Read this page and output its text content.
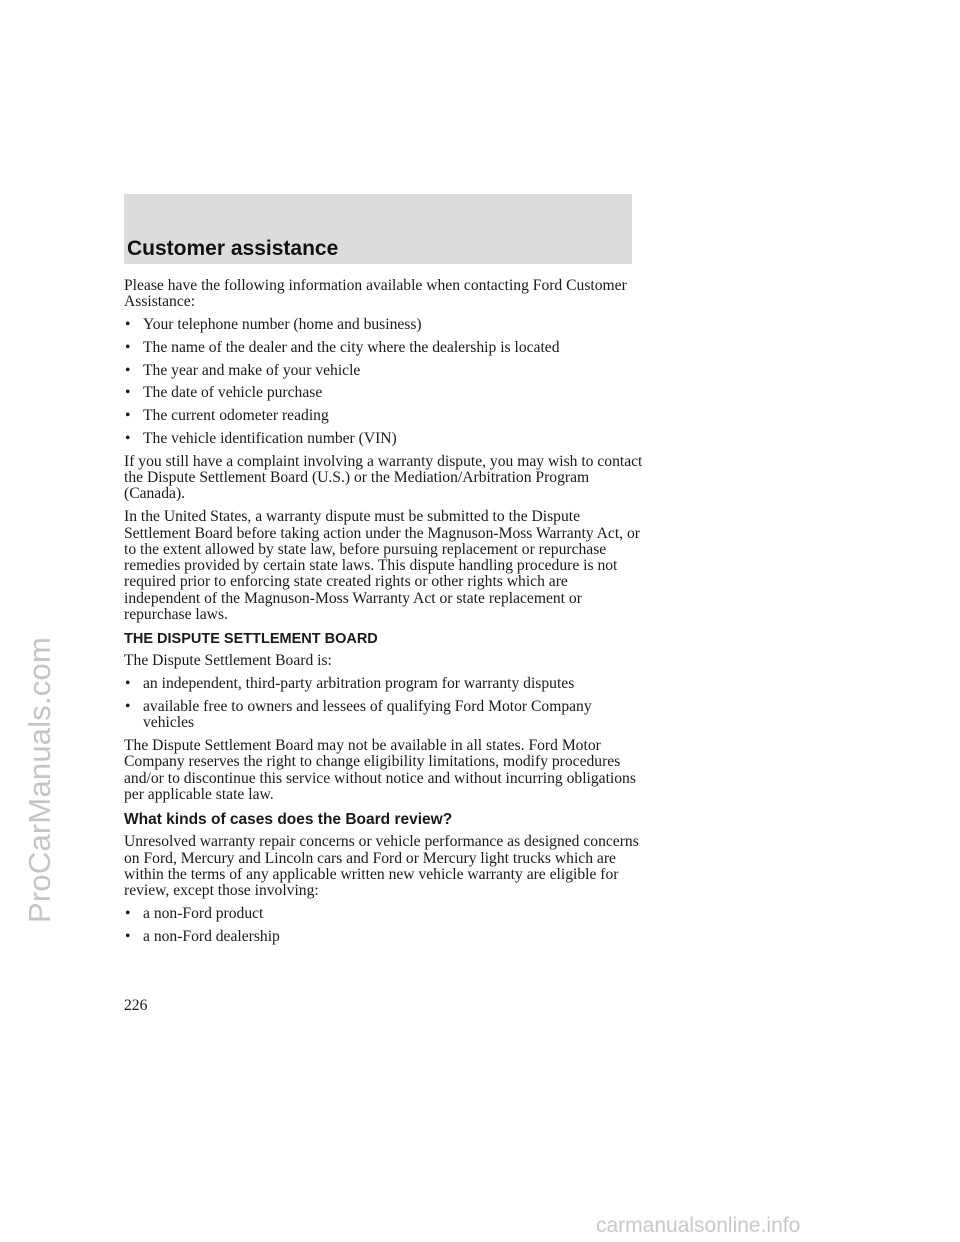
ProCarManuals.com
Customer assistance

Please have the following information available when contacting Ford Customer Assistance:

• Your telephone number (home and business)
• The name of the dealer and the city where the dealership is located
• The year and make of your vehicle
• The date of vehicle purchase
• The current odometer reading
• The vehicle identification number (VIN)

If you still have a complaint involving a warranty dispute, you may wish to contact the Dispute Settlement Board (U.S.) or the Mediation/Arbitration Program (Canada).

In the United States, a warranty dispute must be submitted to the Dispute Settlement Board before taking action under the Magnuson-Moss Warranty Act, or to the extent allowed by state law, before pursuing replacement or repurchase remedies provided by certain state laws. This dispute handling procedure is not required prior to enforcing state created rights or other rights which are independent of the Magnuson-Moss Warranty Act or state replacement or repurchase laws.

THE DISPUTE SETTLEMENT BOARD

The Dispute Settlement Board is:

• an independent, third-party arbitration program for warranty disputes
• available free to owners and lessees of qualifying Ford Motor Company vehicles

The Dispute Settlement Board may not be available in all states. Ford Motor Company reserves the right to change eligibility limitations, modify procedures and/or to discontinue this service without notice and without incurring obligations per applicable state law.

What kinds of cases does the Board review?

Unresolved warranty repair concerns or vehicle performance as designed concerns on Ford, Mercury and Lincoln cars and Ford or Mercury light trucks which are within the terms of any applicable written new vehicle warranty are eligible for review, except those involving:

• a non-Ford product
• a non-Ford dealership
226
carmanualsonline.info
